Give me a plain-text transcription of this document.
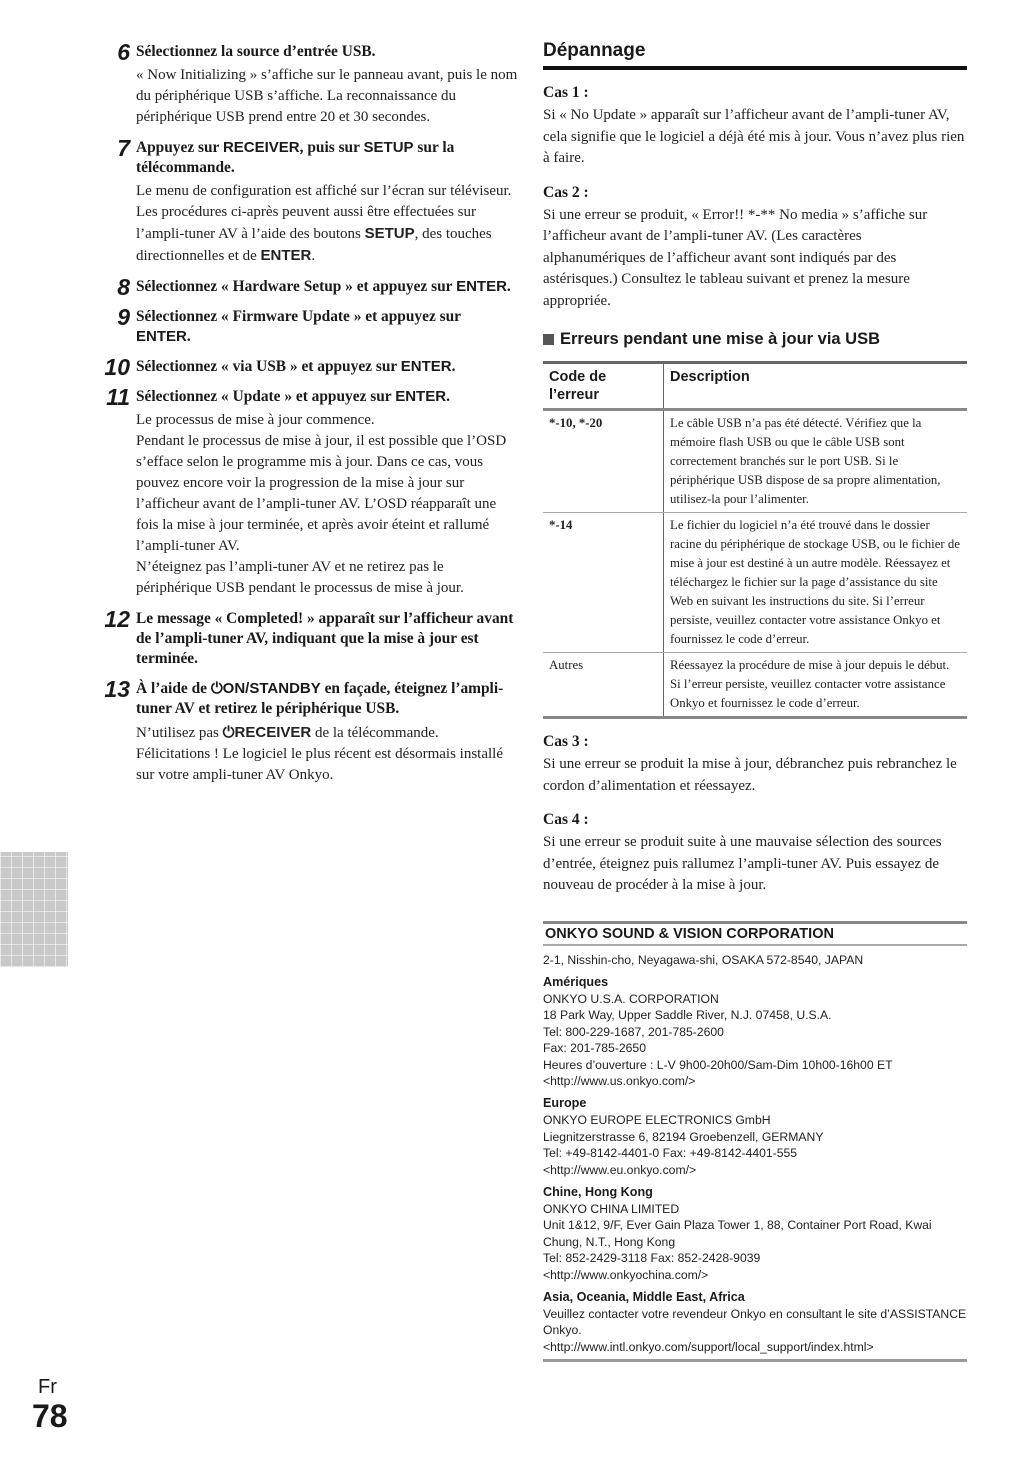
6 Sélectionnez la source d’entrée USB.

« Now Initializing » s’affiche sur le panneau avant, puis le nom du périphérique USB s’affiche. La reconnaissance du périphérique USB prend entre 20 et 30 secondes.

7 Appuyez sur RECEIVER, puis sur SETUP sur la télécommande.

Le menu de configuration est affiché sur l’écran sur téléviseur. Les procédures ci-après peuvent aussi être effectuées sur l’ampli-tuner AV à l’aide des boutons SETUP, des touches directionnelles et de ENTER.

8 Sélectionnez « Hardware Setup » et appuyez sur ENTER.

9 Sélectionnez « Firmware Update » et appuyez sur ENTER.

10 Sélectionnez « via USB » et appuyez sur ENTER.

11 Sélectionnez « Update » et appuyez sur ENTER.

Le processus de mise à jour commence.

Pendant le processus de mise à jour, il est possible que l’OSD s’efface selon le programme mis à jour. Dans ce cas, vous pouvez encore voir la progression de la mise à jour sur l’afficheur avant de l’ampli-tuner AV. L’OSD réapparaît une fois la mise à jour terminée, et après avoir éteint et rallumé l’ampli-tuner AV.

N’éteignez pas l’ampli-tuner AV et ne retirez pas le périphérique USB pendant le processus de mise à jour.

12 Le message « Completed! » apparaît sur l’afficheur avant de l’ampli-tuner AV, indiquant que la mise à jour est terminée.

13 À l’aide de ⏻ON/STANDBY en façade, éteignez l’ampli-tuner AV et retirez le périphérique USB.

N’utilisez pas ⏻RECEIVER de la télécommande.

Félicitations ! Le logiciel le plus récent est désormais installé sur votre ampli-tuner AV Onkyo.

Dépannage
Cas 1 :

Si « No Update » apparaît sur l’afficheur avant de l’ampli-tuner AV, cela signifie que le logiciel a déjà été mis à jour. Vous n’avez plus rien à faire.

Cas 2 :

Si une erreur se produit, « Error!! *-** No media » s’affiche sur l’afficheur avant de l’ampli-tuner AV. (Les caractères alphanumériques de l’afficheur avant sont indiqués par des astérisques.) Consultez le tableau suivant et prenez la mesure appropriée.

Erreurs pendant une mise à jour via USB
Code de l’erreur	Description
*-10, *-20	Le câble USB n’a pas été détecté. Vérifiez que la mémoire flash USB ou que le câble USB sont correctement branchés sur le port USB. Si le périphérique USB dispose de sa propre alimentation, utilisez-la pour l’alimenter.
*-14	Le fichier du logiciel n’a été trouvé dans le dossier racine du périphérique de stockage USB, ou le fichier de mise à jour est destiné à un autre modèle. Réessayez et téléchargez le fichier sur la page d’assistance du site Web en suivant les instructions du site. Si l’erreur persiste, veuillez contacter votre assistance Onkyo et fournissez le code d’erreur.
Autres	Réessayez la procédure de mise à jour depuis le début. Si l’erreur persiste, veuillez contacter votre assistance Onkyo et fournissez le code d’erreur.
Cas 3 :

Si une erreur se produit la mise à jour, débranchez puis rebranchez le cordon d’alimentation et réessayez.

Cas 4 :

Si une erreur se produit suite à une mauvaise sélection des sources d’entrée, éteignez puis rallumez l’ampli-tuner AV. Puis essayez de nouveau de procéder à la mise à jour.

ONKYO SOUND & VISION CORPORATION
2-1, Nisshin-cho, Neyagawa-shi, OSAKA 572-8540, JAPAN
Amériques
ONKYO U.S.A. CORPORATION
18 Park Way, Upper Saddle River, N.J. 07458, U.S.A.
Tel: 800-229-1687, 201-785-2600
Fax: 201-785-2650
Heures d’ouverture : L-V 9h00-20h00/Sam-Dim 10h00-16h00 ET
<http://www.us.onkyo.com/>
Europe
ONKYO EUROPE ELECTRONICS GmbH
Liegnitzerstrasse 6, 82194 Groebenzell, GERMANY
Tel: +49-8142-4401-0 Fax: +49-8142-4401-555
<http://www.eu.onkyo.com/>
Chine, Hong Kong
ONKYO CHINA LIMITED
Unit 1&12, 9/F, Ever Gain Plaza Tower 1, 88, Container Port Road, Kwai Chung, N.T., Hong Kong
Tel: 852-2429-3118 Fax: 852-2428-9039
<http://www.onkyochina.com/>
Asia, Oceania, Middle East, Africa
Veuillez contacter votre revendeur Onkyo en consultant le site d’ASSISTANCE Onkyo.
<http://www.intl.onkyo.com/support/local_support/index.html>
Fr
78
